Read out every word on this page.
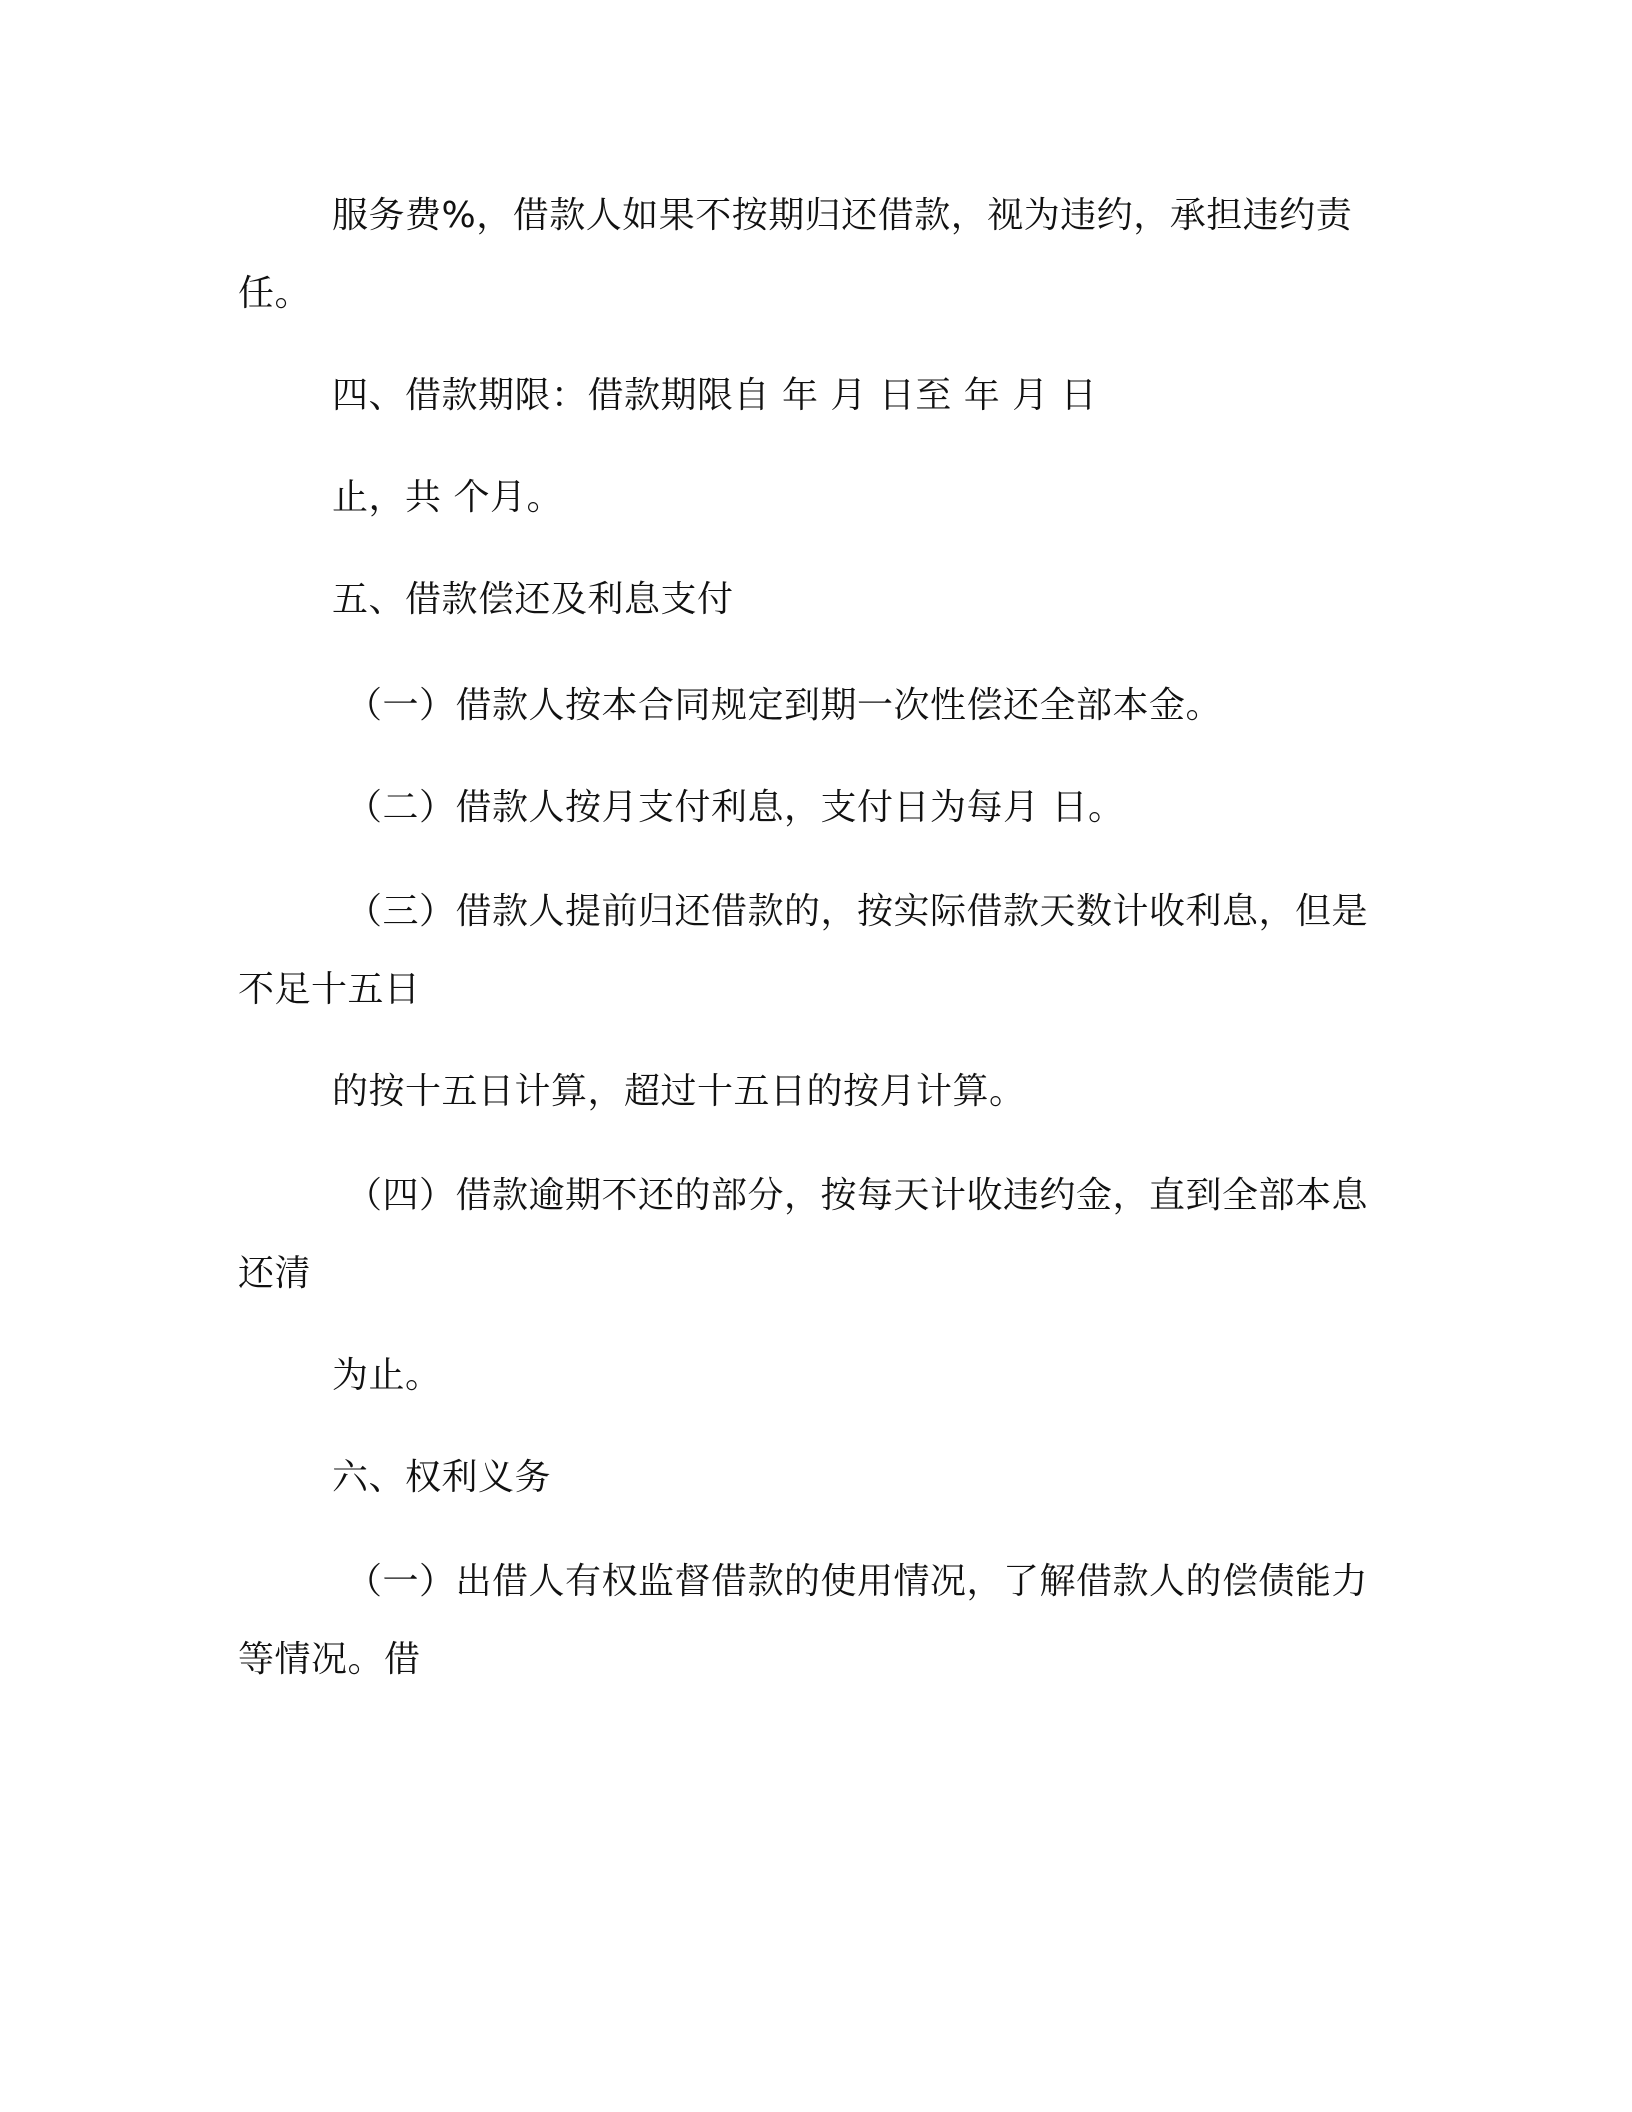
服务费%，借款人如果不按期归还借款，视为违约，承担违约责
任。
四、借款期限：借款期限自 年 月 日至 年 月 日
止，共 个月。
五、借款偿还及利息支付
（一）借款人按本合同规定到期一次性偿还全部本金。
（二）借款人按月支付利息，支付日为每月 日。
（三）借款人提前归还借款的，按实际借款天数计收利息，但是
不足十五日
的按十五日计算，超过十五日的按月计算。
（四）借款逾期不还的部分，按每天计收违约金，直到全部本息
还清
为止。
六、权利义务
（一）出借人有权监督借款的使用情况，了解借款人的偿债能力
等情况。借
